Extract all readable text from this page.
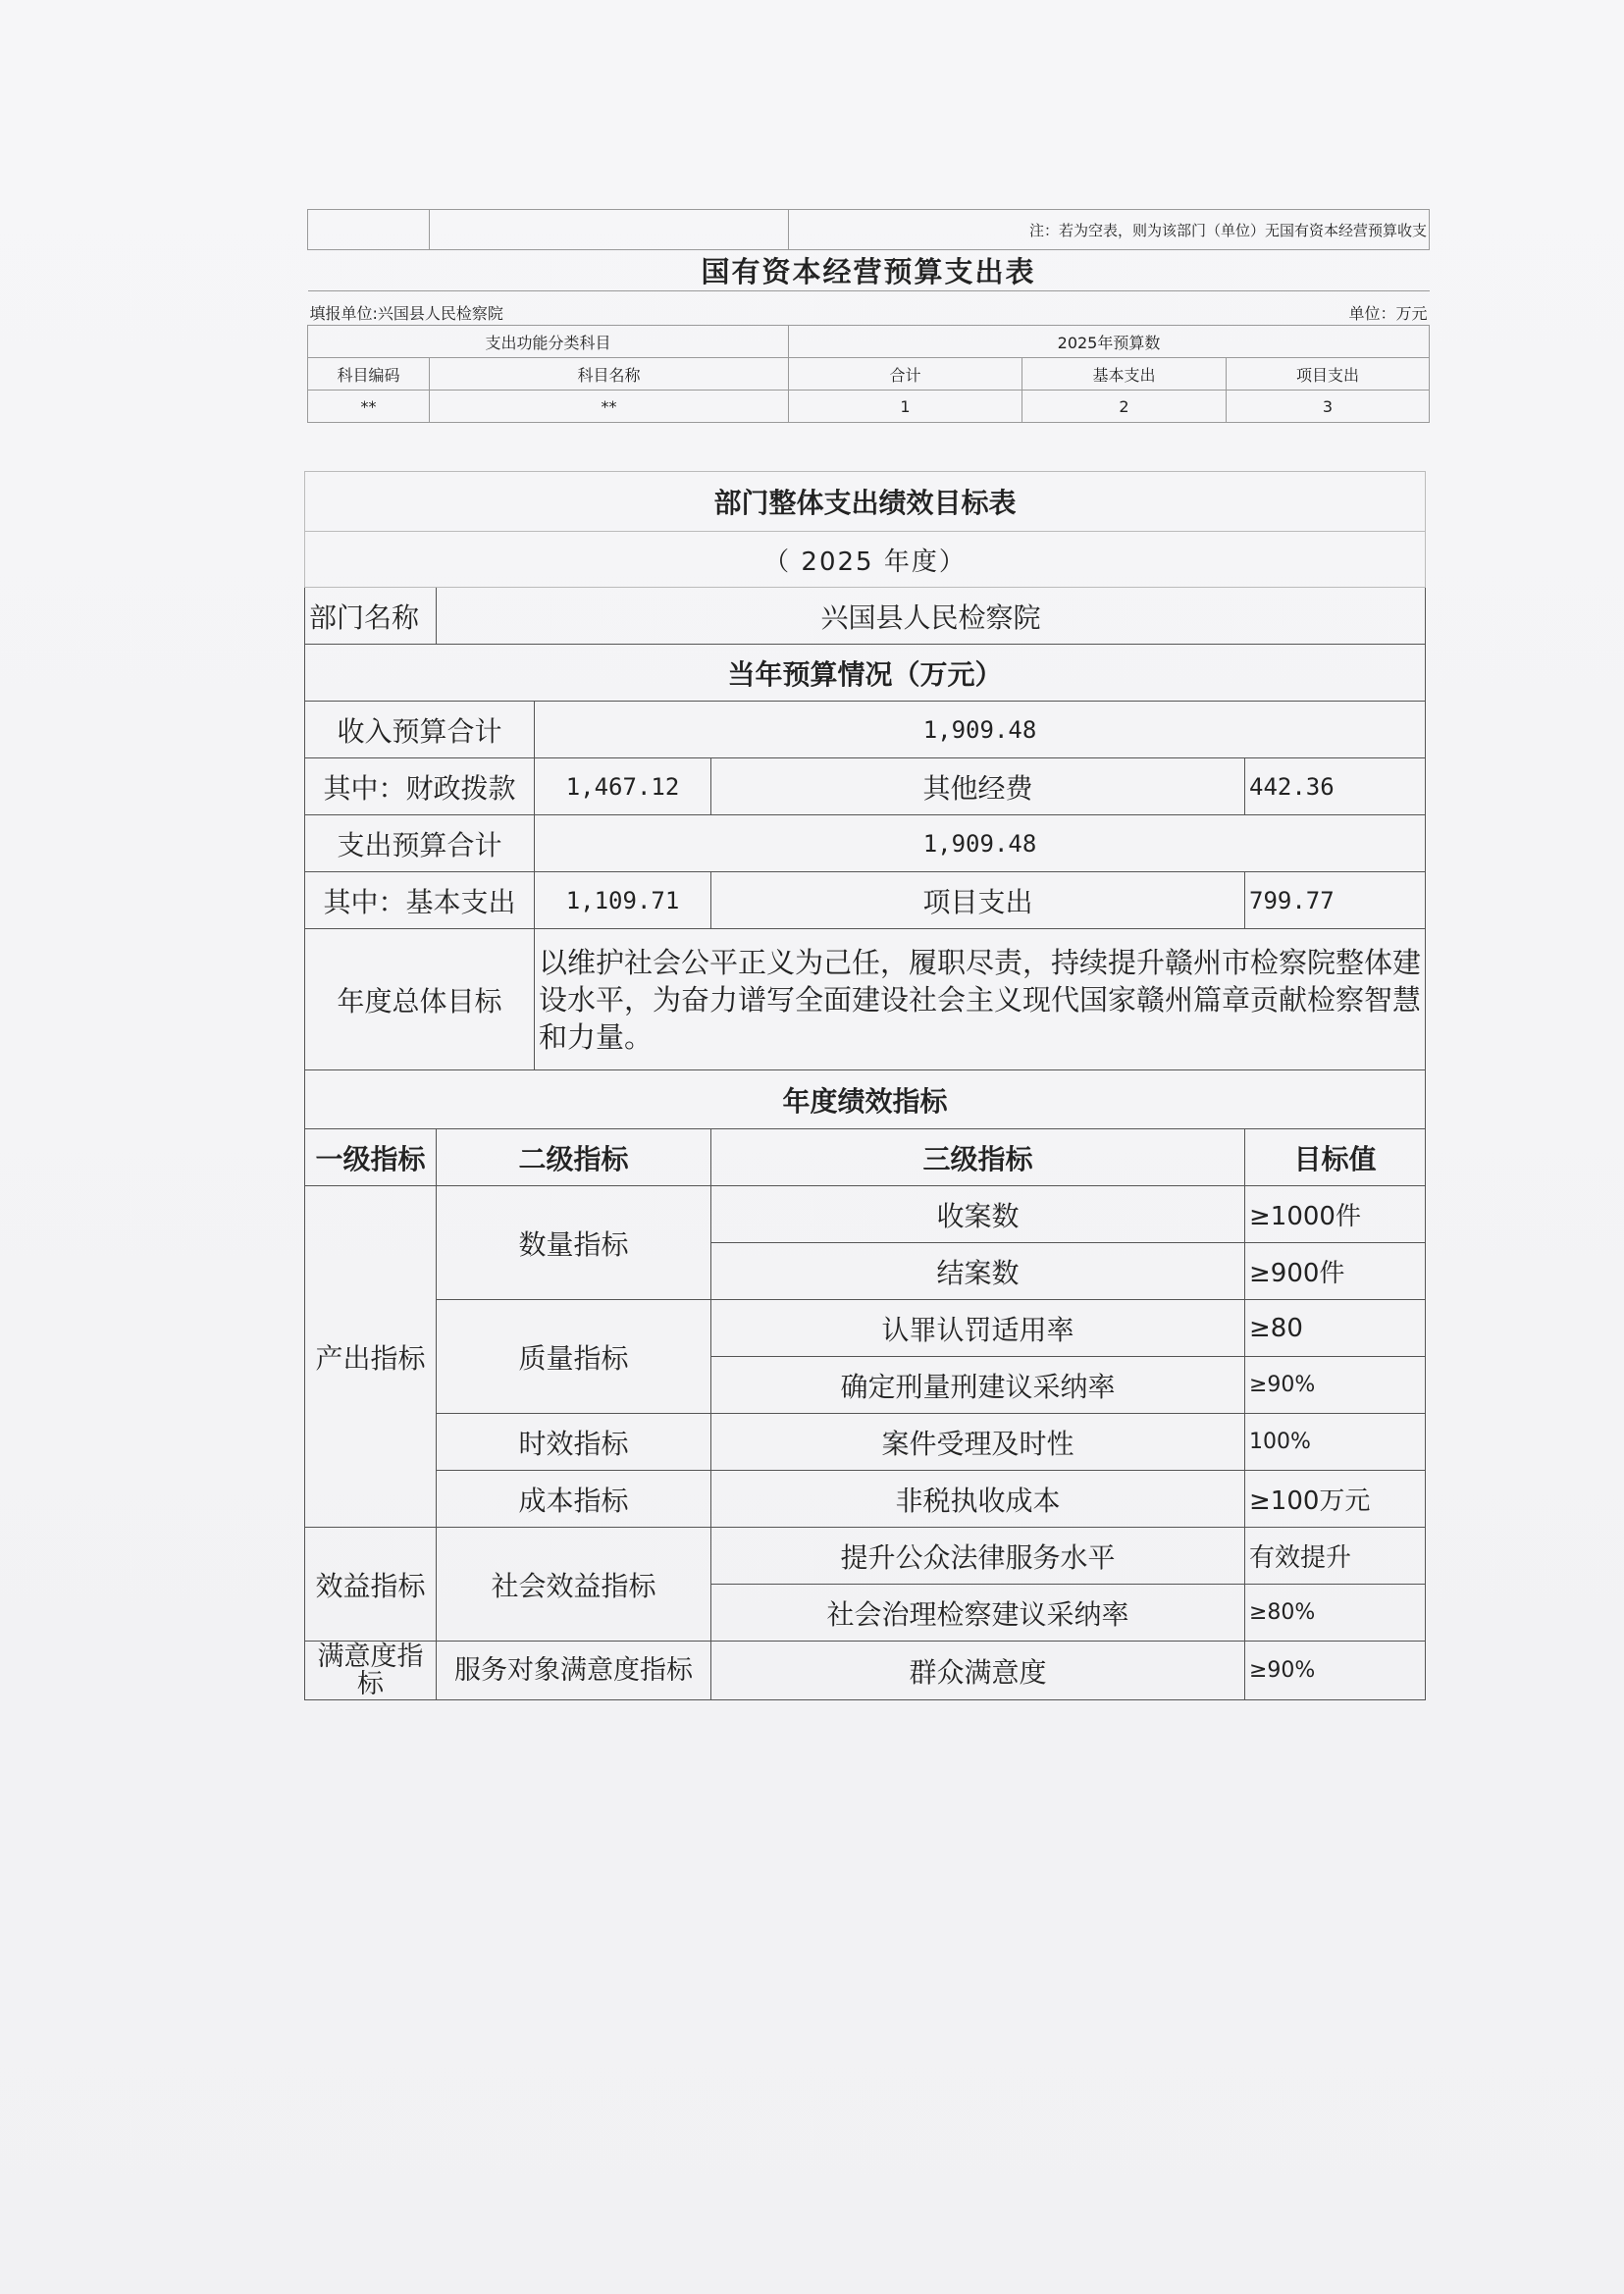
		注：若为空表，则为该部门（单位）无国有资本经营预算收支		
国有资本经营预算支出表				

填报单位:兴国县人民检察院 单位：万元				

支出功能分类科目		2025年预算数		
科目编码	科目名称	合计	基本支出	项目支出
**	**	1	2	3
部门整体支出绩效目标表				
（ 2025 年度）				
部门名称	兴国县人民检察院			
当年预算情况（万元）				
收入预算合计		1,909.48		
其中：财政拨款		1,467.12	其他经费	442.36
支出预算合计		1,909.48		
其中：基本支出		1,109.71	项目支出	799.77
年度总体目标		以维护社会公平正义为己任，履职尽责，持续提升赣州市检察院整体建设水平，为奋力谱写全面建设社会主义现代国家赣州篇章贡献检察智慧和力量。		
年度绩效指标				
一级指标	二级指标		三级指标	目标值
产出指标	数量指标		收案数	≥1000件
			结案数	≥900件
	质量指标		认罪认罚适用率	≥80
			确定刑量刑建议采纳率	≥90%
	时效指标		案件受理及时性	100%
	成本指标		非税执收成本	≥100万元
效益指标	社会效益指标		提升公众法律服务水平	有效提升
			社会治理检察建议采纳率	≥80%
满意度指标	服务对象满意度指标		群众满意度	≥90%
